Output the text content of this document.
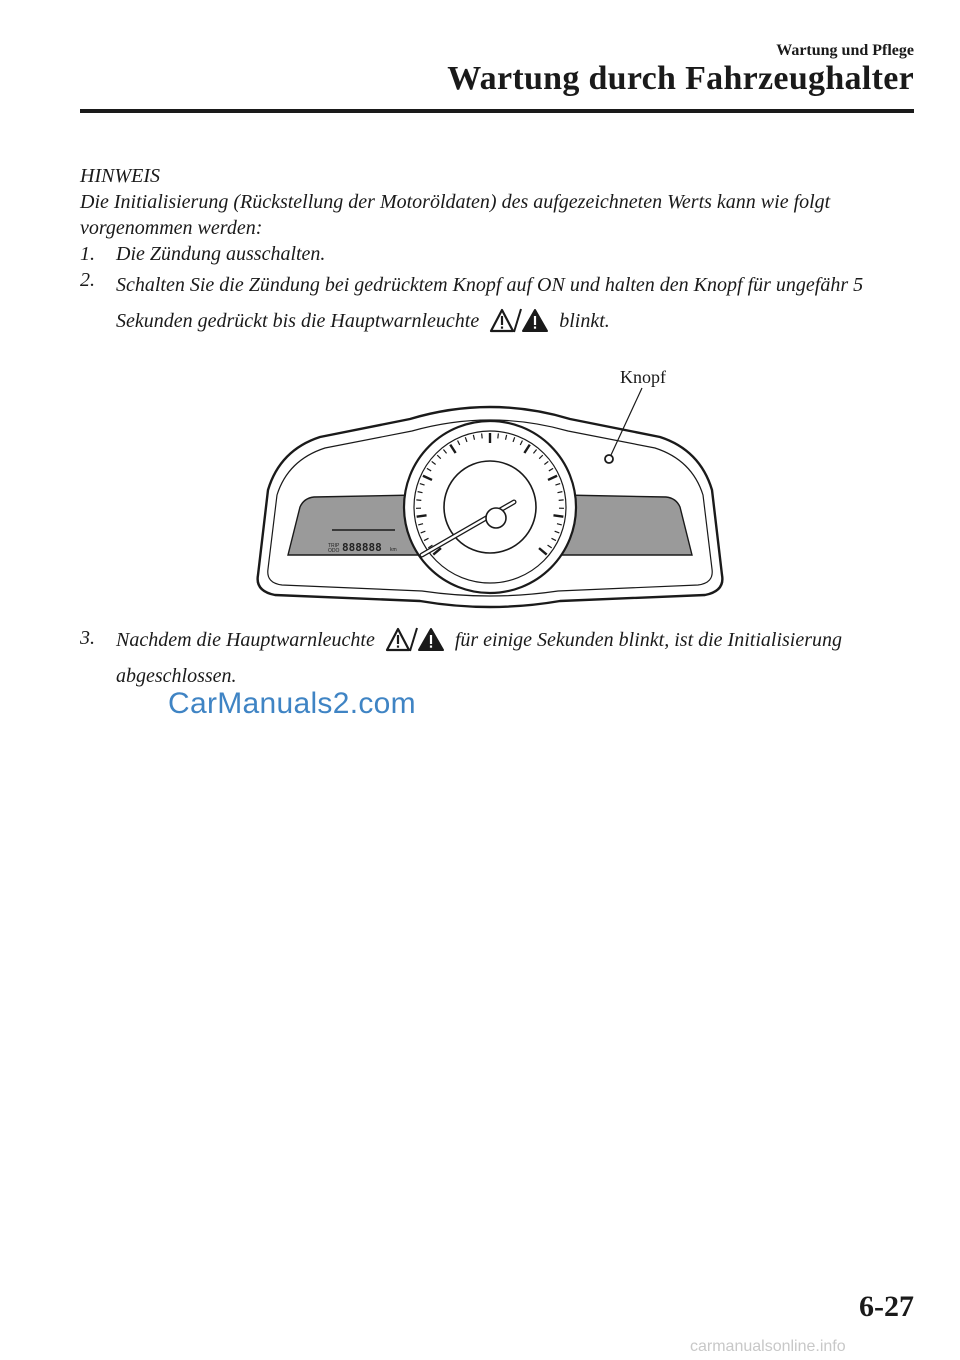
Wartung und Pflege
Wartung durch Fahrzeughalter
HINWEIS
Die Initialisierung (Rückstellung der Motoröldaten) des aufgezeichneten Werts kann wie folgt vorgenommen werden:
1. Die Zündung ausschalten.
2. Schalten Sie die Zündung bei gedrücktem Knopf auf ON und halten den Knopf für ungefähr 5 Sekunden gedrückt bis die Hauptwarnleuchte	blinkt.
Knopf
TRIP
ODO 888888 km
3. Nachdem die Hauptwarnleuchte	für einige Sekunden blinkt, ist die Initialisierung abgeschlossen.
CarManuals2.com
6-27
carmanualsonline.info
